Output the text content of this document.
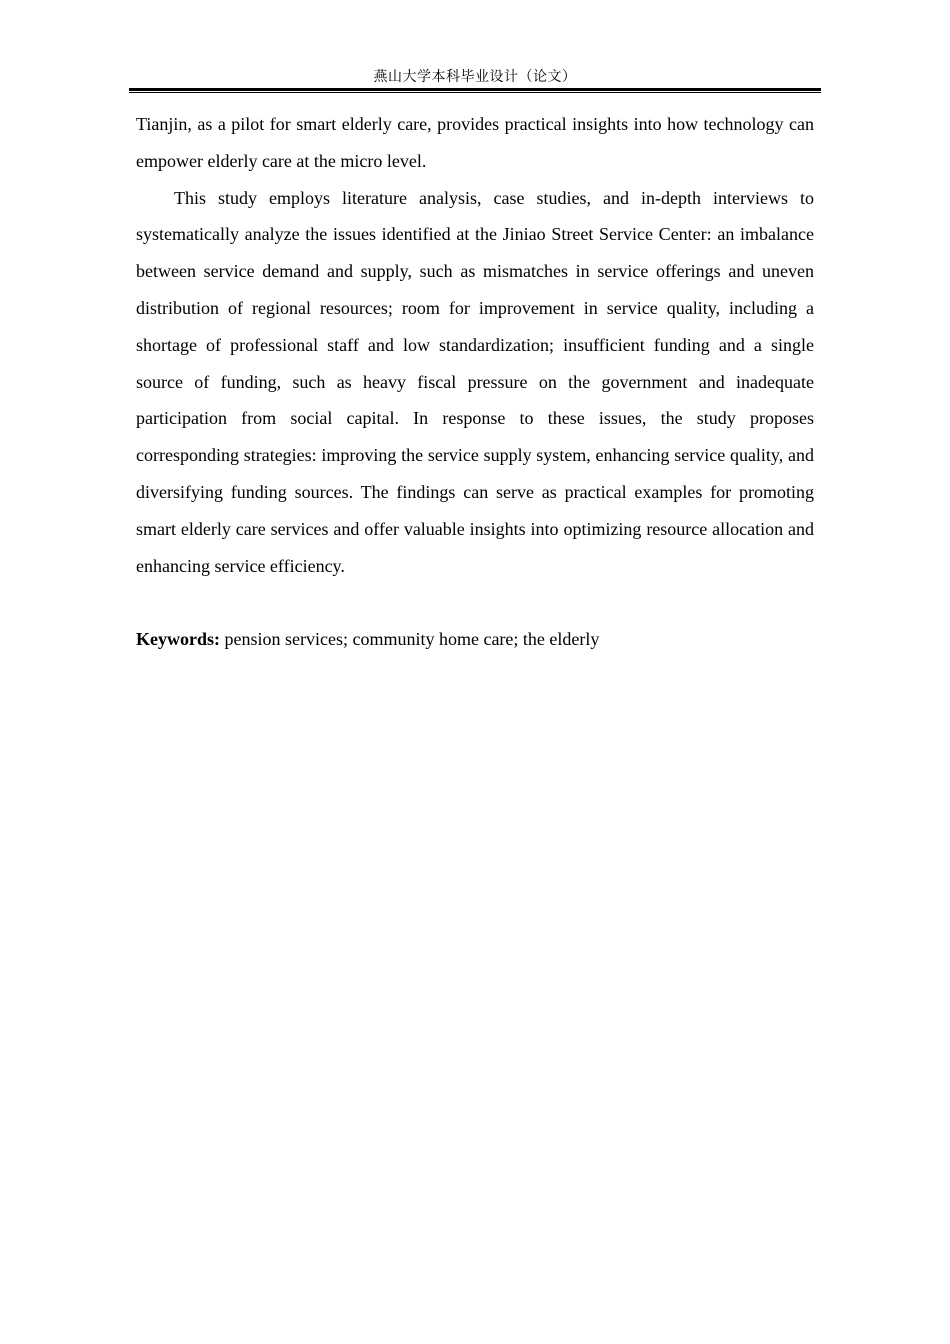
燕山大学本科毕业设计（论文）

Tianjin, as a pilot for smart elderly care, provides practical insights into how technology can empower elderly care at the micro level.

This study employs literature analysis, case studies, and in-depth interviews to systematically analyze the issues identified at the Jiniao Street Service Center: an imbalance between service demand and supply, such as mismatches in service offerings and uneven distribution of regional resources; room for improvement in service quality, including a shortage of professional staff and low standardization; insufficient funding and a single source of funding, such as heavy fiscal pressure on the government and inadequate participation from social capital. In response to these issues, the study proposes corresponding strategies: improving the service supply system, enhancing service quality, and diversifying funding sources. The findings can serve as practical examples for promoting smart elderly care services and offer valuable insights into optimizing resource allocation and enhancing service efficiency.

Keywords: pension services; community home care; the elderly
